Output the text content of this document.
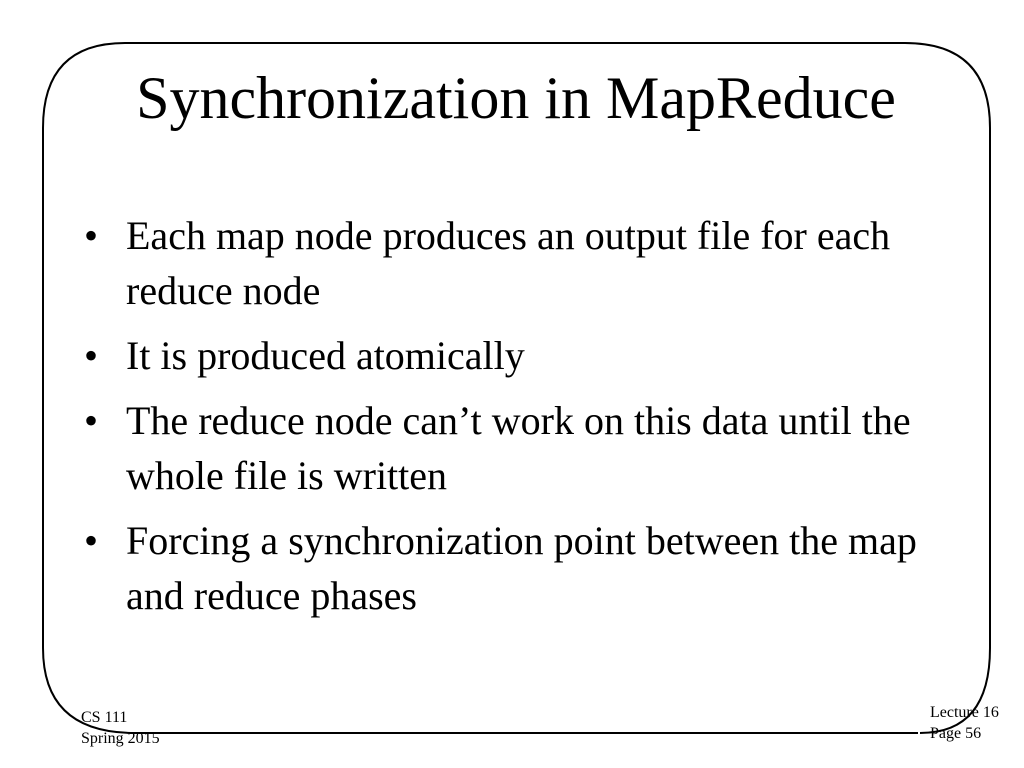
Synchronization in MapReduce
• Each map node produces an output file for each reduce node
• It is produced atomically
• The reduce node can’t work on this data until the whole file is written
• Forcing a synchronization point between the map and reduce phases
CS 111
Spring 2015
Lecture 16
Page 56
